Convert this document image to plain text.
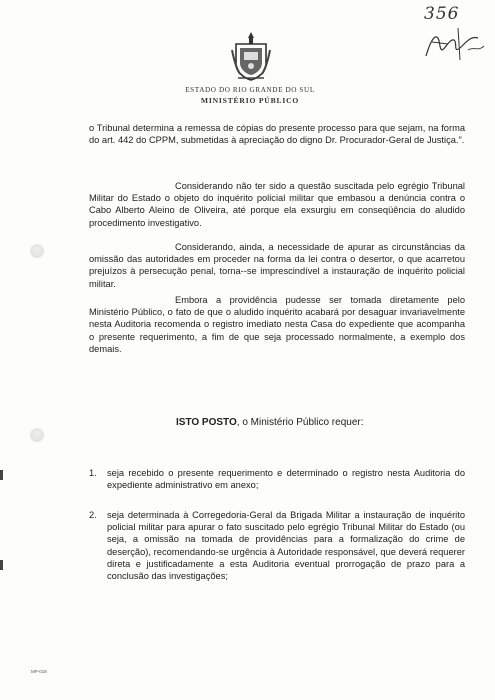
356
ESTADO DO RIO GRANDE DO SUL
MINISTÉRIO PÚBLICO

o Tribunal determina a remessa de cópias do presente processo para que sejam, na forma do art. 442 do CPPM, submetidas à apreciação do digno Dr. Procurador-Geral de Justiça.".

Considerando não ter sido a questão suscitada pelo egrégio Tribunal Militar do Estado o objeto do inquérito policial militar que embasou a denúncia contra o Cabo Alberto Aleino de Oliveira, até porque ela exsurgiu em conseqüência do aludido procedimento investigativo.

Considerando, ainda, a necessidade de apurar as circunstâncias da omissão das autoridades em proceder na forma da lei contra o desertor, o que acarretou prejuízos à persecução penal, torna--se imprescindível a instauração de inquérito policial militar.

Embora a providência pudesse ser tomada diretamente pelo Ministério Público, o fato de que o aludido inquérito acabará por desaguar invariavelmente nesta Auditoria recomenda o registro imediato nesta Casa do expediente que acompanha o presente requerimento, a fim de que seja processado normalmente, a exemplo dos demais.

ISTO POSTO, o Ministério Público requer:
1. seja recebido o presente requerimento e determinado o registro nesta Auditoria do expediente administrativo em anexo;
2. seja determinada à Corregedoria-Geral da Brigada Militar a instauração de inquérito policial militar para apurar o fato suscitado pelo egrégio Tribunal Militar do Estado (ou seja, a omissão na tomada de providências para a formalização do crime de deserção), recomendando-se urgência à Autoridade responsável, que deverá requerer direta e justificadamente a esta Auditoria eventual prorrogação de prazo para a conclusão das investigações;
MP-018
